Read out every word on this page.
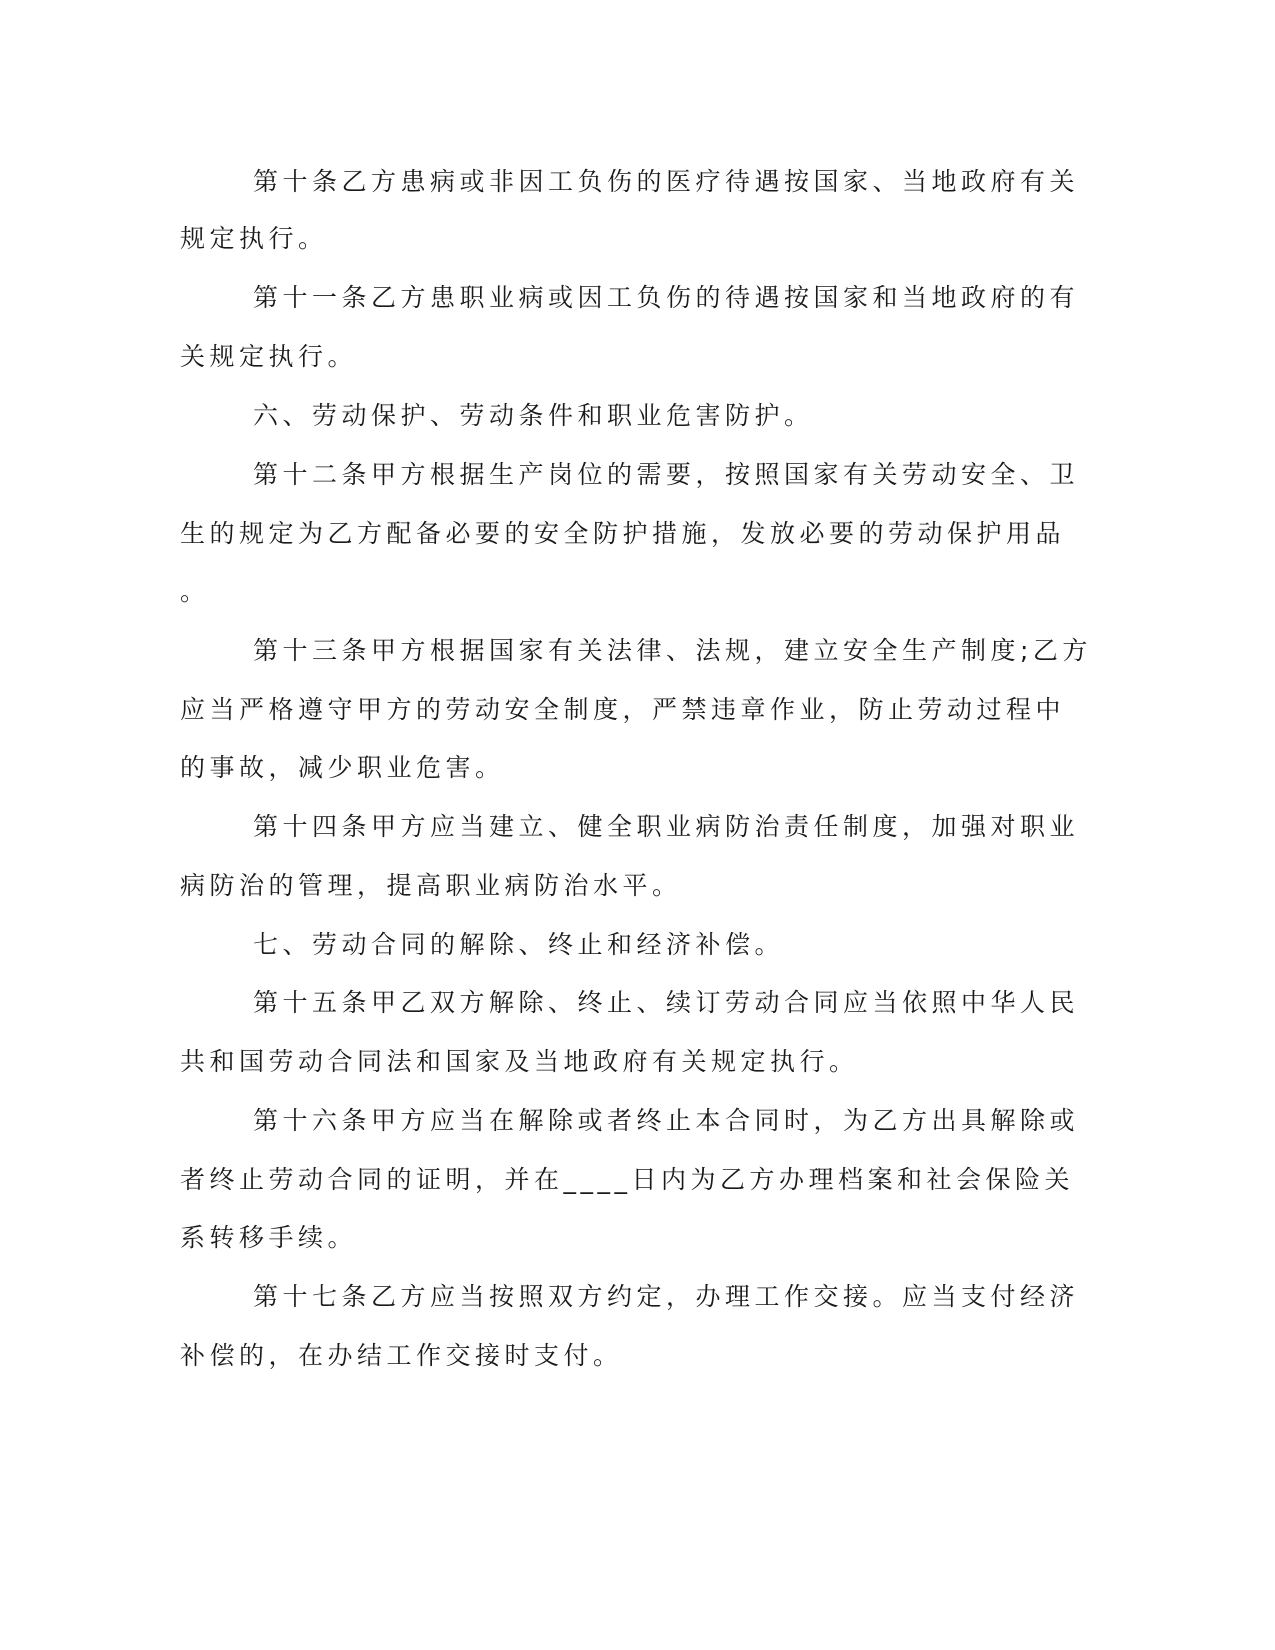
第十条乙方患病或非因工负伤的医疗待遇按国家、当地政府有关
规定执行。
第十一条乙方患职业病或因工负伤的待遇按国家和当地政府的有
关规定执行。
六、劳动保护、劳动条件和职业危害防护。
第十二条甲方根据生产岗位的需要，按照国家有关劳动安全、卫
生的规定为乙方配备必要的安全防护措施，发放必要的劳动保护用品
。
第十三条甲方根据国家有关法律、法规，建立安全生产制度;乙方
应当严格遵守甲方的劳动安全制度，严禁违章作业，防止劳动过程中
的事故，减少职业危害。
第十四条甲方应当建立、健全职业病防治责任制度，加强对职业
病防治的管理，提高职业病防治水平。
七、劳动合同的解除、终止和经济补偿。
第十五条甲乙双方解除、终止、续订劳动合同应当依照中华人民
共和国劳动合同法和国家及当地政府有关规定执行。
第十六条甲方应当在解除或者终止本合同时，为乙方出具解除或
者终止劳动合同的证明，并在____日内为乙方办理档案和社会保险关
系转移手续。
第十七条乙方应当按照双方约定，办理工作交接。应当支付经济
补偿的，在办结工作交接时支付。
